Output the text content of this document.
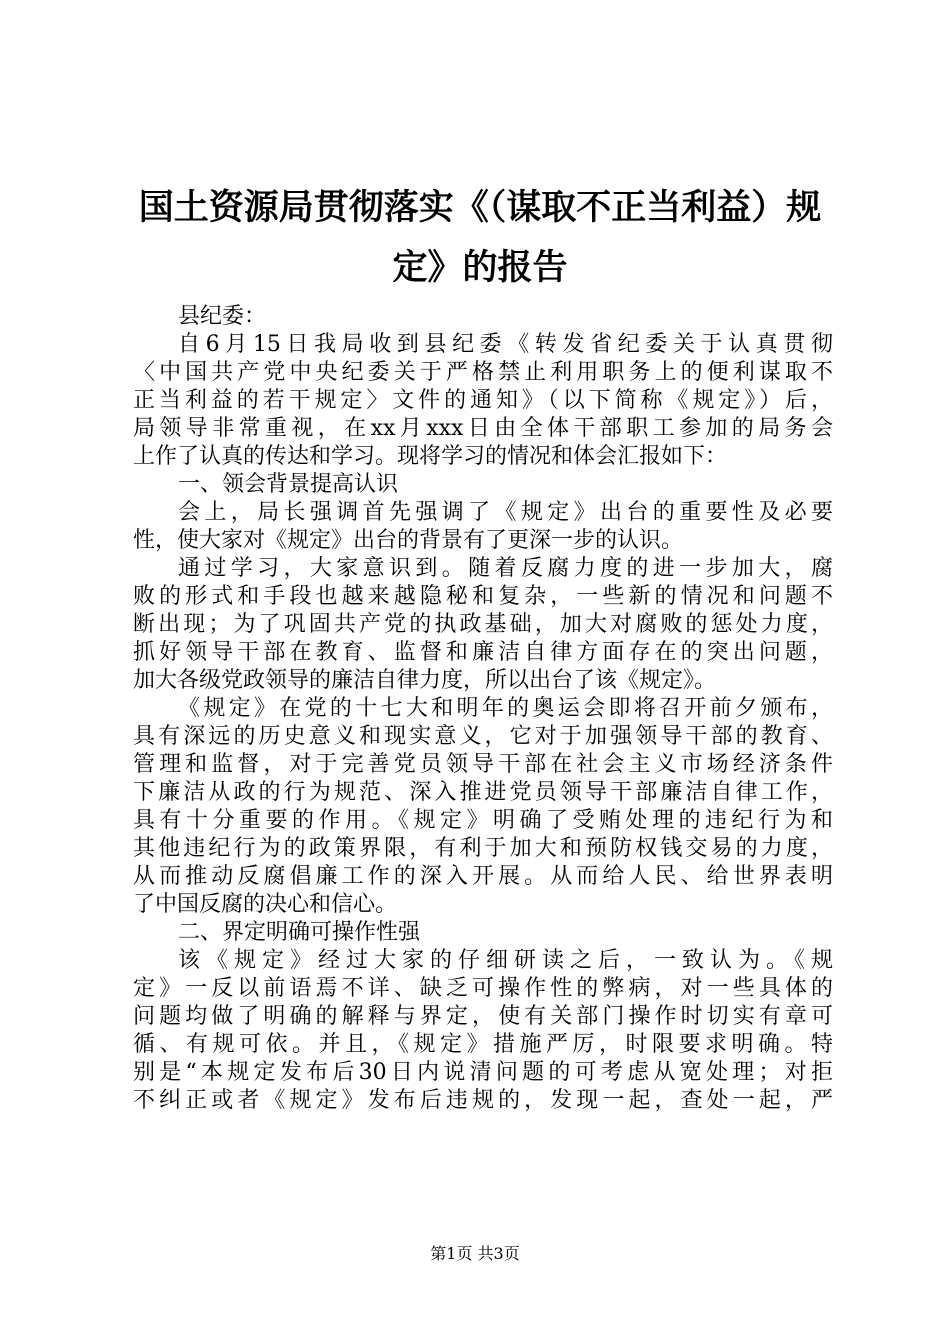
国土资源局贯彻落实《（谋取不正当利益）规
定》的报告
县纪委：
自6月15日我局收到县纪委《转发省纪委关于认真贯彻
〈中国共产党中央纪委关于严格禁止利用职务上的便利谋取不
正当利益的若干规定〉文件的通知》（以下简称《规定》）后，
局领导非常重视，在xx月xxx日由全体干部职工参加的局务会
上作了认真的传达和学习。现将学习的情况和体会汇报如下：
一、领会背景提高认识
会上，局长强调首先强调了《规定》出台的重要性及必要
性，使大家对《规定》出台的背景有了更深一步的认识。
通过学习，大家意识到。随着反腐力度的进一步加大，腐
败的形式和手段也越来越隐秘和复杂，一些新的情况和问题不
断出现；为了巩固共产党的执政基础，加大对腐败的惩处力度，
抓好领导干部在教育、监督和廉洁自律方面存在的突出问题，
加大各级党政领导的廉洁自律力度，所以出台了该《规定》。
《规定》在党的十七大和明年的奥运会即将召开前夕颁布，
具有深远的历史意义和现实意义，它对于加强领导干部的教育、
管理和监督，对于完善党员领导干部在社会主义市场经济条件
下廉洁从政的行为规范、深入推进党员领导干部廉洁自律工作，
具有十分重要的作用。《规定》明确了受贿处理的违纪行为和
其他违纪行为的政策界限，有利于加大和预防权钱交易的力度，
从而推动反腐倡廉工作的深入开展。从而给人民、给世界表明
了中国反腐的决心和信心。
二、界定明确可操作性强
该《规定》经过大家的仔细研读之后，一致认为。《规
定》一反以前语焉不详、缺乏可操作性的弊病，对一些具体的
问题均做了明确的解释与界定，使有关部门操作时切实有章可
循、有规可依。并且，《规定》措施严厉，时限要求明确。特
别是“本规定发布后30日内说清问题的可考虑从宽处理；对拒
不纠正或者《规定》发布后违规的，发现一起，查处一起，严
第1页 共3页
